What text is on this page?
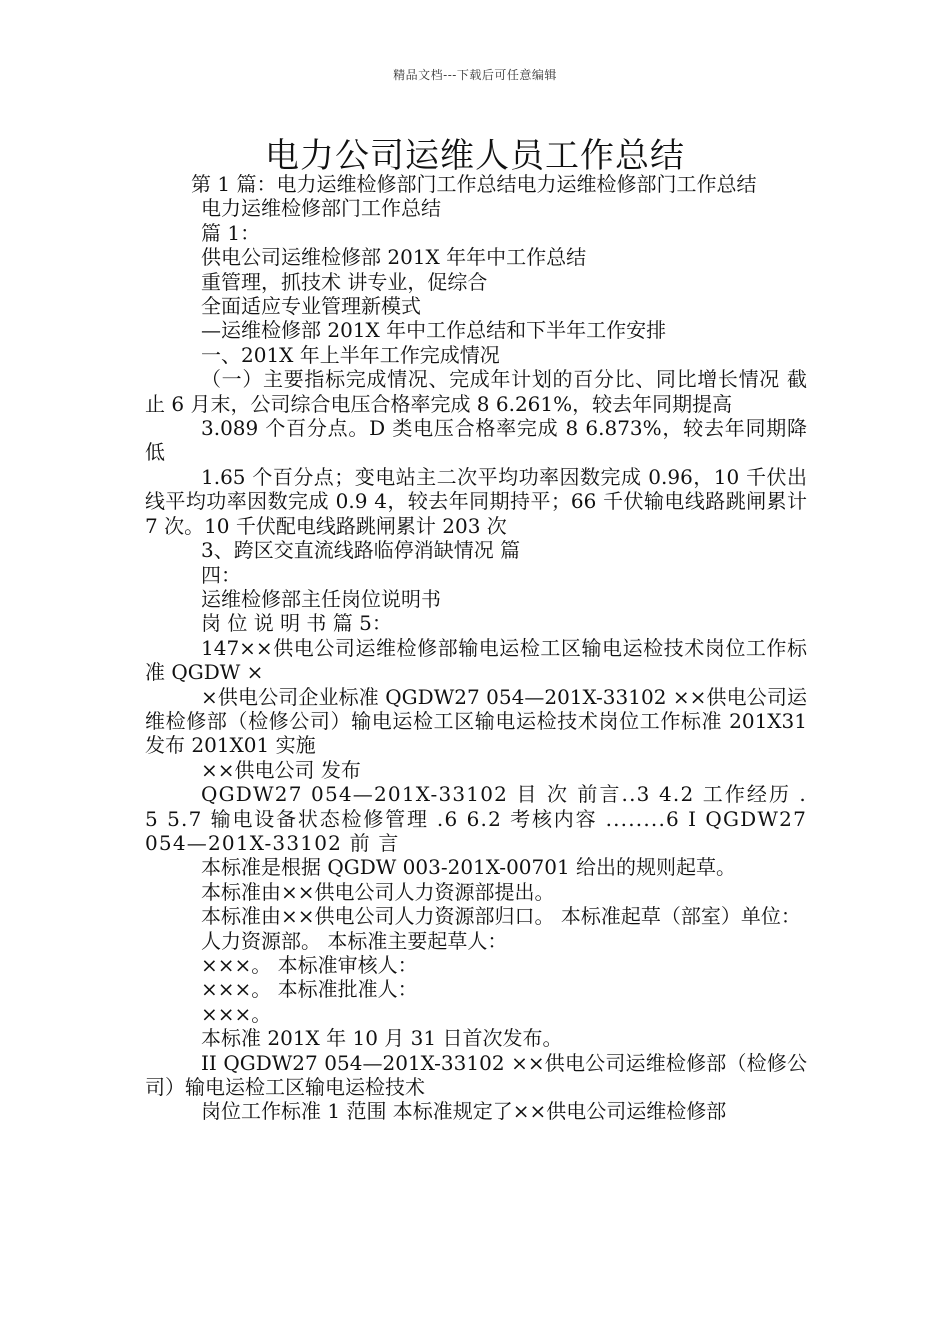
精品文档---下载后可任意编辑
电力公司运维人员工作总结

第 1 篇：电力运维检修部门工作总结电力运维检修部门工作总结

电力运维检修部门工作总结

篇 1：

供电公司运维检修部 201X 年年中工作总结

重管理，抓技术 讲专业，促综合

全面适应专业管理新模式

—运维检修部 201X 年中工作总结和下半年工作安排

一、201X 年上半年工作完成情况

（一）主要指标完成情况、完成年计划的百分比、同比增长情况 截止 6 月末，公司综合电压合格率完成 8 6.261%，较去年同期提高

3.089 个百分点。D 类电压合格率完成 8 6.873%，较去年同期降低

1.65 个百分点；变电站主二次平均功率因数完成 0.96，10 千伏出线平均功率因数完成 0.9 4，较去年同期持平；66 千伏输电线路跳闸累计 7 次。10 千伏配电线路跳闸累计 203 次

3、跨区交直流线路临停消缺情况 篇

四：

运维检修部主任岗位说明书

岗 位 说 明 书 篇 5：

147××供电公司运维检修部输电运检工区输电运检技术岗位工作标准 QGDW ×

×供电公司企业标准 QGDW27 054—201X-33102 ××供电公司运维检修部（检修公司）输电运检工区输电运检技术岗位工作标准 201X31 发布 201X01 实施

××供电公司 发布

QGDW27 054—201X-33102 目 次 前言..3 4.2 工作经历 .5 5.7 输电设备状态检修管理 .6 6.2 考核内容 ........6 I QGDW27 054—201X-33102 前 言

本标准是根据 QGDW 003-201X-00701 给出的规则起草。

本标准由××供电公司人力资源部提出。

本标准由××供电公司人力资源部归口。 本标准起草（部室）单位：

人力资源部。 本标准主要起草人：

×××。 本标准审核人：

×××。 本标准批准人：

×××。

本标准 201X 年 10 月 31 日首次发布。

II QGDW27 054—201X-33102 ××供电公司运维检修部（检修公司）输电运检工区输电运检技术

岗位工作标准 1 范围 本标准规定了××供电公司运维检修部
